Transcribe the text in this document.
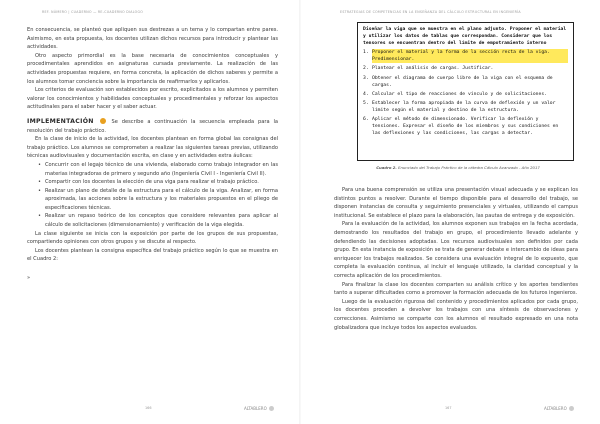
REF. NÚMERO | CUADERNO — RE-CUADERNO DIALOGO

En consecuencia, se planteó que apliquen sus destrezas a un tema y lo compartan entre pares. Asimismo, en esta propuesta, los docentes utilizan dichos recursos para introducir y plantear las actividades.

Otro aspecto primordial es la base necesaria de conocimientos conceptuales y procedimentales aprendidos en asignaturas cursada previamente. La realización de las actividades propuestas requiere, en forma concreta, la aplicación de dichos saberes y permite a los alumnos tomar conciencia sobre la importancia de reafirmarlos y aplicarlos.

Los criterios de evaluación son establecidos por escrito, explicitados a los alumnos y permiten valorar los conocimientos y habilidades conceptuales y procedimentales y reforzar los aspectos actitudinales para el saber hacer y el saber actuar.

IMPLEMENTACIÓN	Se describe a continuación la secuencia empleada para la resolución del trabajo práctico.

En la clase de inicio de la actividad, los docentes plantean en forma global las consignas del trabajo práctico. Los alumnos se comprometen a realizar las siguientes tareas previas, utilizando técnicas audiovisuales y documentación escrita, en clase y en actividades extra áulicas:

• Concurrir con el legajo técnico de una vivienda, elaborado como trabajo integrador en las materias integradoras de primero y segundo año (Ingeniería Civil I - Ingeniería Civil II).
• Compartir con los docentes la elección de una viga para realizar el trabajo práctico.
• Realizar un plano de detalle de la estructura para el cálculo de la viga. Analizar, en forma aproximada, las acciones sobre la estructura y los materiales propuestos en el pliego de especificaciones técnicas.
• Realizar un repaso teórico de los conceptos que considere relevantes para aplicar al cálculo de solicitaciones (dimensionamiento) y verificación de la viga elegida.

La clase siguiente se inicia con la exposición por parte de los grupos de sus propuestas, compartiendo opiniones con otros grupos y se discute al respecto.

Los docentes plantean la consigna específica del trabajo práctico según lo que se muestra en el Cuadro 2:

»

166	ALTABLERO
ESTRATEGIAS DE COMPETENCIAS EN LA ENSEÑANZA DEL CÁLCULO ESTRUCTURAL EN INGENIERÍA
Diseñar la viga que se muestra en el plano adjunto. Proponer el material y utilizar los datos de tablas que correspondan. Considerar que los tensores se encuentran dentro del límite de empotramiento interno
1. Proponer el material y la forma de la sección recta de la viga. Predimensionar.
2. Plantear el análisis de cargas. Justificar.
3. Obtener el diagrama de cuerpo libre de la viga con el esquema de cargas.
4. Calcular el tipo de reacciones de vínculo y de solicitaciones.
5. Establecer la forma apropiada de la curva de deflexión y un valor límite según el material y destino de la estructura.
6. Aplicar el método de dimensionado. Verificar la deflexión y tensiones. Expresar el diseño de los miembros y sus condiciones en las deflexiones y las condiciones, las cargas a detectar.
Cuadro 2. Enunciado del Trabajo Práctico de la cátedra Cálculo Avanzado - Año 2017

Para una buena comprensión se utiliza una presentación visual adecuada y se explican los distintos puntos a resolver. Durante el tiempo disponible para el desarrollo del trabajo, se disponen instancias de consulta y seguimiento presenciales y virtuales, utilizando el campus institucional. Se establece el plazo para la elaboración, las pautas de entrega y de exposición.

Para la evaluación de la actividad, los alumnos exponen sus trabajos en la fecha acordada, demostrando los resultados del trabajo en grupo, el procedimiento llevado adelante y defendiendo las decisiones adoptadas. Los recursos audiovisuales son definidos por cada grupo. En esta instancia de exposición se trata de generar debate e intercambio de ideas para enriquecer los trabajos realizados. Se considera una evaluación integral de lo expuesto, que completa la evaluación continua, al incluir el lenguaje utilizado, la claridad conceptual y la correcta aplicación de los procedimientos.

Para finalizar la clase los docentes comparten su análisis crítico y los aportes tendientes tanto a superar dificultades como a promover la formación adecuada de los futuros ingenieros.

Luego de la evaluación rigurosa del contenido y procedimientos aplicados por cada grupo, los docentes proceden a devolver los trabajos con una síntesis de observaciones y correcciones. Asimismo se comparte con los alumnos el resultado expresado en una nota globalizadora que incluye todos los aspectos evaluados.

167	ALTABLERO
